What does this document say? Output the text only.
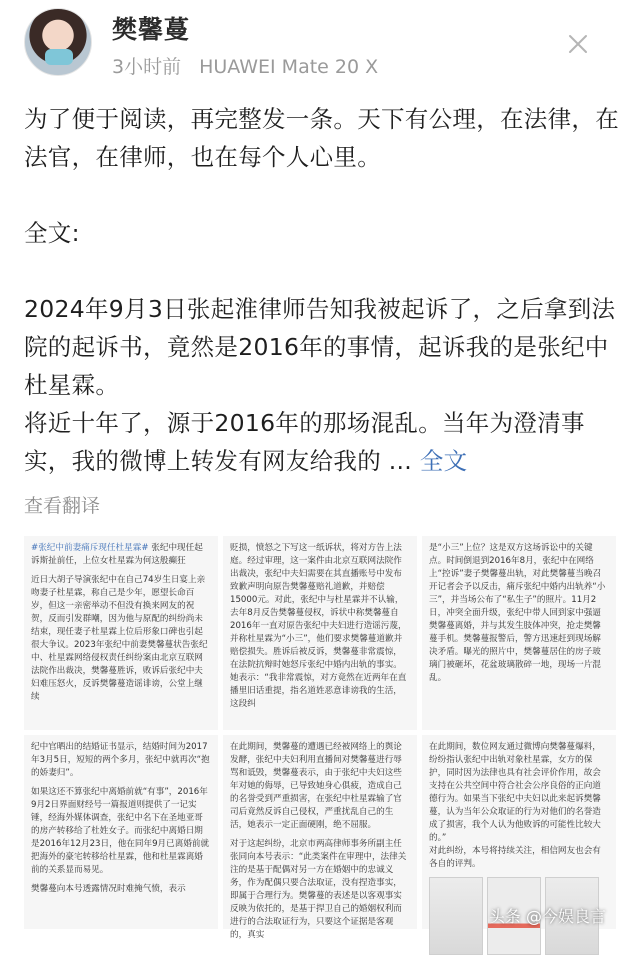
樊馨蔓
3小时前 HUAWEI Mate 20 X

为了便于阅读，再完整发一条。天下有公理，在法律，在法官，在律师，也在每个人心里。

全文:

2024年9月3日张起淮律师告知我被起诉了，之后拿到法院的起诉书，竟然是2016年的事情，起诉我的是张纪中杜星霖。

将近十年了，源于2016年的那场混乱。当年为澄清事实，我的微博上转发有网友给我的 ... 全文

查看翻译

#张纪中前妻痛斥现任杜星霖# 张纪中现任起诉斯扯前任，上位女杜星霖为何这般癫狂

近日大胡子导演张纪中在自己74岁生日宴上亲吻妻子杜星霖，称自己是少年，愿望长命百岁，但这一亲密举动不但没有换来网友的祝贺，反而引发群嘲，因为他与原配的纠纷尚未结束，现任妻子杜星霖上位后形象口碑也引起很大争议。2023年张纪中前妻樊馨蔓状告张纪中、杜星霖网络侵权责任纠纷案由北京互联网法院作出裁决，樊馨蔓胜诉，败诉后张纪中夫妇难压怒火，反诉樊馨蔓造谣诽谤，公堂上继续

贬损，愤怒之下写这一纸诉状，将对方告上法庭。经过审理，这一案件由北京互联网法院作出裁决，张纪中夫妇需要在其直播账号中发布致歉声明向原告樊馨蔓赔礼道歉，并赔偿15000元。对此，张纪中与杜星霖并不认输，去年8月反告樊馨蔓侵权，诉状中称樊馨蔓自2016年一直对原告张纪中夫妇进行造谣污蔑，并称杜星霖为“小三”，他们要求樊馨蔓道歉并赔偿损失。胜诉后被反诉，樊馨蔓非常震惊，在法院抗辩时她怒斥张纪中婚内出轨的事实。她表示：“我非常震惊，对方竟然在近两年在直播里旧话重提，指名道姓恶意诽谤我的生活，这段纠

是“小三”上位？这是双方这场诉讼中的关键点。时间倒退到2016年8月，张纪中在网络上“控诉”妻子樊馨蔓出轨，对此樊馨蔓当晚召开记者会予以反击，痛斥张纪中婚内出轨养“小三”，并当场公布了“私生子”的照片。11月2日，冲突全面升级，张纪中带人回到家中强逼樊馨蔓离婚，并与其发生肢体冲突，抢走樊馨蔓手机。樊馨蔓报警后，警方迅速赶到现场解决矛盾。曝光的照片中，樊馨蔓居住的房子玻璃门被砸坏，花盆玻璃散碎一地，现场一片混乱。

纪中官晒出的结婚证书显示，结婚时间为2017年3月5日，短短的两个多月，张纪中就再次“抱的娇妻归”。

如果这还不算张纪中离婚前就“有事”，2016年9月2日界面财经号一篇报道则提供了一记实锤，经海外媒体调查，张纪中名下在圣地亚哥的房产转移给了杜姓女子。而张纪中离婚日期是2016年12月23日，他在同年9月已离婚前就把海外的豪宅转移给杜星霖，他和杜星霖离婚前的关系显而易见。

樊馨蔓向本号透露情况时难掩气愤，表示

在此期间，樊馨蔓的遭遇已经被网络上的舆论发酵，张纪中夫妇利用直播间对樊馨蔓进行辱骂和诋毁，樊馨蔓表示，由于张纪中夫妇这些年对她的侮辱，已导致她身心俱疲，造成自己的名誉受到严重损害，在张纪中杜星霖输了官司后竟然反诉自己侵权，严重扰乱自己的生活，她表示一定正面硬刚，绝不屈服。

对于这起纠纷，北京市两高律师事务所副主任张同向本号表示：“此类案件在审理中，法律关注的是基于配偶对另一方在婚姻中的忠诚义务，作为配偶只要合法取证，没有捏造事实，即属于合理行为。樊馨蔓的表述是以客观事实反映为依托的，是基于捍卫自己的婚姻权利而进行的合法取证行为，只要这个证据是客观的，真实

在此期间，数位网友通过微博向樊馨蔓爆料，纷纷指认张纪中出轨对象杜星霖，女方的保护，同时因为法律也具有社会评价作用，故会支持在公共空间中符合社会公序良俗的正向道德行为。如果当下张纪中夫妇以此来起诉樊馨蔓，认为当年公众取证的行为对他们的名誉造成了损害，我个人认为他败诉的可能性比较大的。”

对此纠纷，本号将持续关注，相信网友也会有各自的评判。

头条 @今娱良言
